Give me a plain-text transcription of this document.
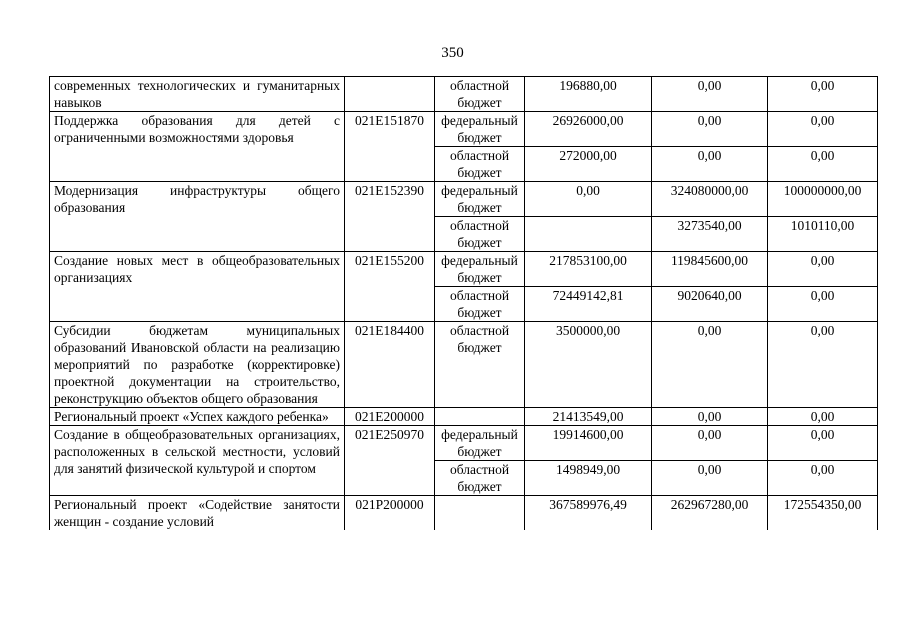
350
современных технологических и гуманитарных навыков		областной бюджет	196880,00	0,00	0,00
Поддержка образования для детей с ограниченными возможностями здоровья	021E151870	федеральный бюджет	26926000,00	0,00	0,00
		областной бюджет	272000,00	0,00	0,00
Модернизация инфраструктуры общего образования	021E152390	федеральный бюджет	0,00	324080000,00	100000000,00
		областной бюджет		3273540,00	1010110,00
Создание новых мест в общеобразовательных организациях	021E155200	федеральный бюджет	217853100,00	119845600,00	0,00
		областной бюджет	72449142,81	9020640,00	0,00
Субсидии бюджетам муниципальных образований Ивановской области на реализацию мероприятий по разработке (корректировке) проектной документации на строительство, реконструкцию объектов общего образования	021E184400	областной бюджет	3500000,00	0,00	0,00
Региональный проект «Успех каждого ребенка»	021E200000		21413549,00	0,00	0,00
Создание в общеобразовательных организациях, расположенных в сельской местности, условий для занятий физической культурой и спортом	021E250970	федеральный бюджет	19914600,00	0,00	0,00
		областной бюджет	1498949,00	0,00	0,00
Региональный проект «Содействие занятости женщин - создание условий	021P200000		367589976,49	262967280,00	172554350,00
